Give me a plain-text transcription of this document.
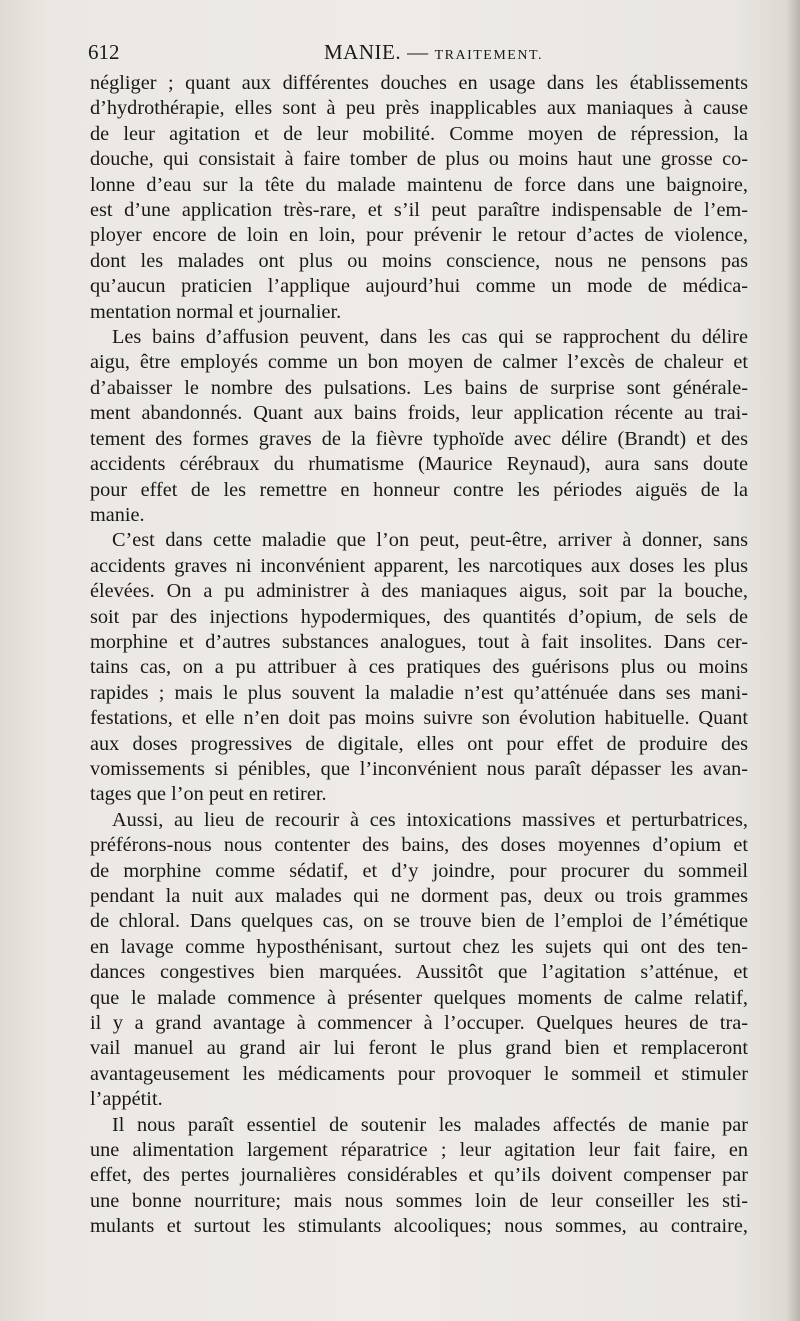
612	MANIE. — TRAITEMENT.

négliger ; quant aux différentes douches en usage dans les établissements
d’hydrothérapie, elles sont à peu près inapplicables aux maniaques à cause
de leur agitation et de leur mobilité. Comme moyen de répression, la
douche, qui consistait à faire tomber de plus ou moins haut une grosse co-
lonne d’eau sur la tête du malade maintenu de force dans une baignoire,
est d’une application très-rare, et s’il peut paraître indispensable de l’em-
ployer encore de loin en loin, pour prévenir le retour d’actes de violence,
dont les malades ont plus ou moins conscience, nous ne pensons pas
qu’aucun praticien l’applique aujourd’hui comme un mode de médica-
mentation normal et journalier.

Les bains d’affusion peuvent, dans les cas qui se rapprochent du délire
aigu, être employés comme un bon moyen de calmer l’excès de chaleur et
d’abaisser le nombre des pulsations. Les bains de surprise sont générale-
ment abandonnés. Quant aux bains froids, leur application récente au trai-
tement des formes graves de la fièvre typhoïde avec délire (Brandt) et des
accidents cérébraux du rhumatisme (Maurice Reynaud), aura sans doute
pour effet de les remettre en honneur contre les périodes aiguës de la
manie.

C’est dans cette maladie que l’on peut, peut-être, arriver à donner, sans
accidents graves ni inconvénient apparent, les narcotiques aux doses les plus
élevées. On a pu administrer à des maniaques aigus, soit par la bouche,
soit par des injections hypodermiques, des quantités d’opium, de sels de
morphine et d’autres substances analogues, tout à fait insolites. Dans cer-
tains cas, on a pu attribuer à ces pratiques des guérisons plus ou moins
rapides ; mais le plus souvent la maladie n’est qu’atténuée dans ses mani-
festations, et elle n’en doit pas moins suivre son évolution habituelle. Quant
aux doses progressives de digitale, elles ont pour effet de produire des
vomissements si pénibles, que l’inconvénient nous paraît dépasser les avan-
tages que l’on peut en retirer.

Aussi, au lieu de recourir à ces intoxications massives et perturbatrices,
préférons-nous nous contenter des bains, des doses moyennes d’opium et
de morphine comme sédatif, et d’y joindre, pour procurer du sommeil
pendant la nuit aux malades qui ne dorment pas, deux ou trois grammes
de chloral. Dans quelques cas, on se trouve bien de l’emploi de l’émétique
en lavage comme hyposthénisant, surtout chez les sujets qui ont des ten-
dances congestives bien marquées. Aussitôt que l’agitation s’atténue, et
que le malade commence à présenter quelques moments de calme relatif,
il y a grand avantage à commencer à l’occuper. Quelques heures de tra-
vail manuel au grand air lui feront le plus grand bien et remplaceront
avantageusement les médicaments pour provoquer le sommeil et stimuler
l’appétit.

Il nous paraît essentiel de soutenir les malades affectés de manie par
une alimentation largement réparatrice ; leur agitation leur fait faire, en
effet, des pertes journalières considérables et qu’ils doivent compenser par
une bonne nourriture; mais nous sommes loin de leur conseiller les sti-
mulants et surtout les stimulants alcooliques; nous sommes, au contraire,
